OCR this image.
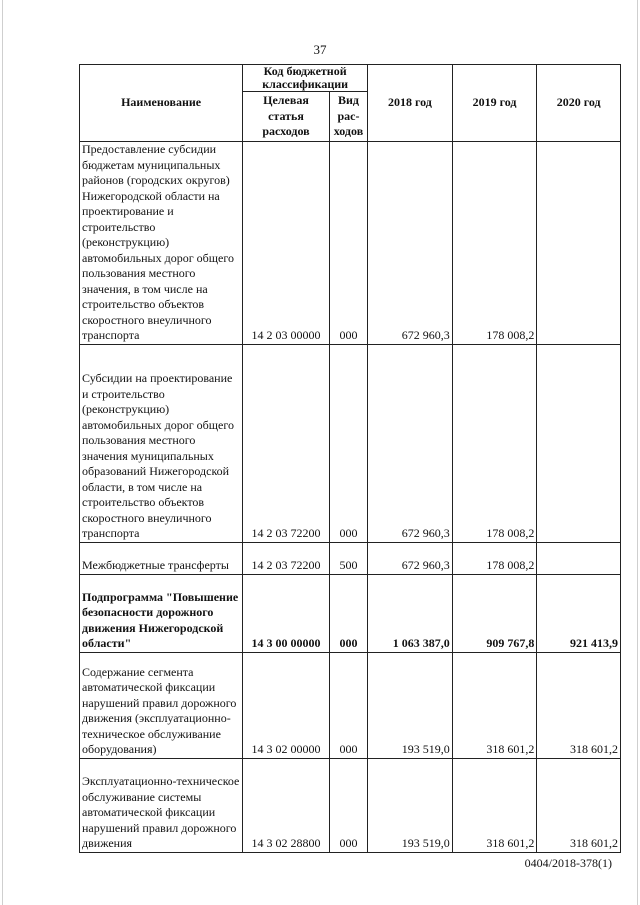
37
Наименование	Код бюджетной классификации		2018 год	2019 год	2020 год
	Целевая статья расходов	Вид рас-ходов			
Предоставление субсидии бюджетам муниципальных районов (городских округов) Нижегородской области на проектирование и строительство (реконструкцию) автомобильных дорог общего пользования местного значения, в том числе на строительство объектов скоростного внеуличного транспорта	14 2 03 00000	000	672 960,3	178 008,2	
Субсидии на проектирование и строительство (реконструкцию) автомобильных дорог общего пользования местного значения муниципальных образований Нижегородской области, в том числе на строительство объектов скоростного внеуличного транспорта	14 2 03 72200	000	672 960,3	178 008,2	
Межбюджетные трансферты	14 2 03 72200	500	672 960,3	178 008,2	
Подпрограмма "Повышение безопасности дорожного движения Нижегородской области"	14 3 00 00000	000	1 063 387,0	909 767,8	921 413,9
Содержание сегмента автоматической фиксации нарушений правил дорожного движения (эксплуатационно-техническое обслуживание оборудования)	14 3 02 00000	000	193 519,0	318 601,2	318 601,2
Эксплуатационно-техническое обслуживание системы автоматической фиксации нарушений правил дорожного движения	14 3 02 28800	000	193 519,0	318 601,2	318 601,2
0404/2018-378(1)
